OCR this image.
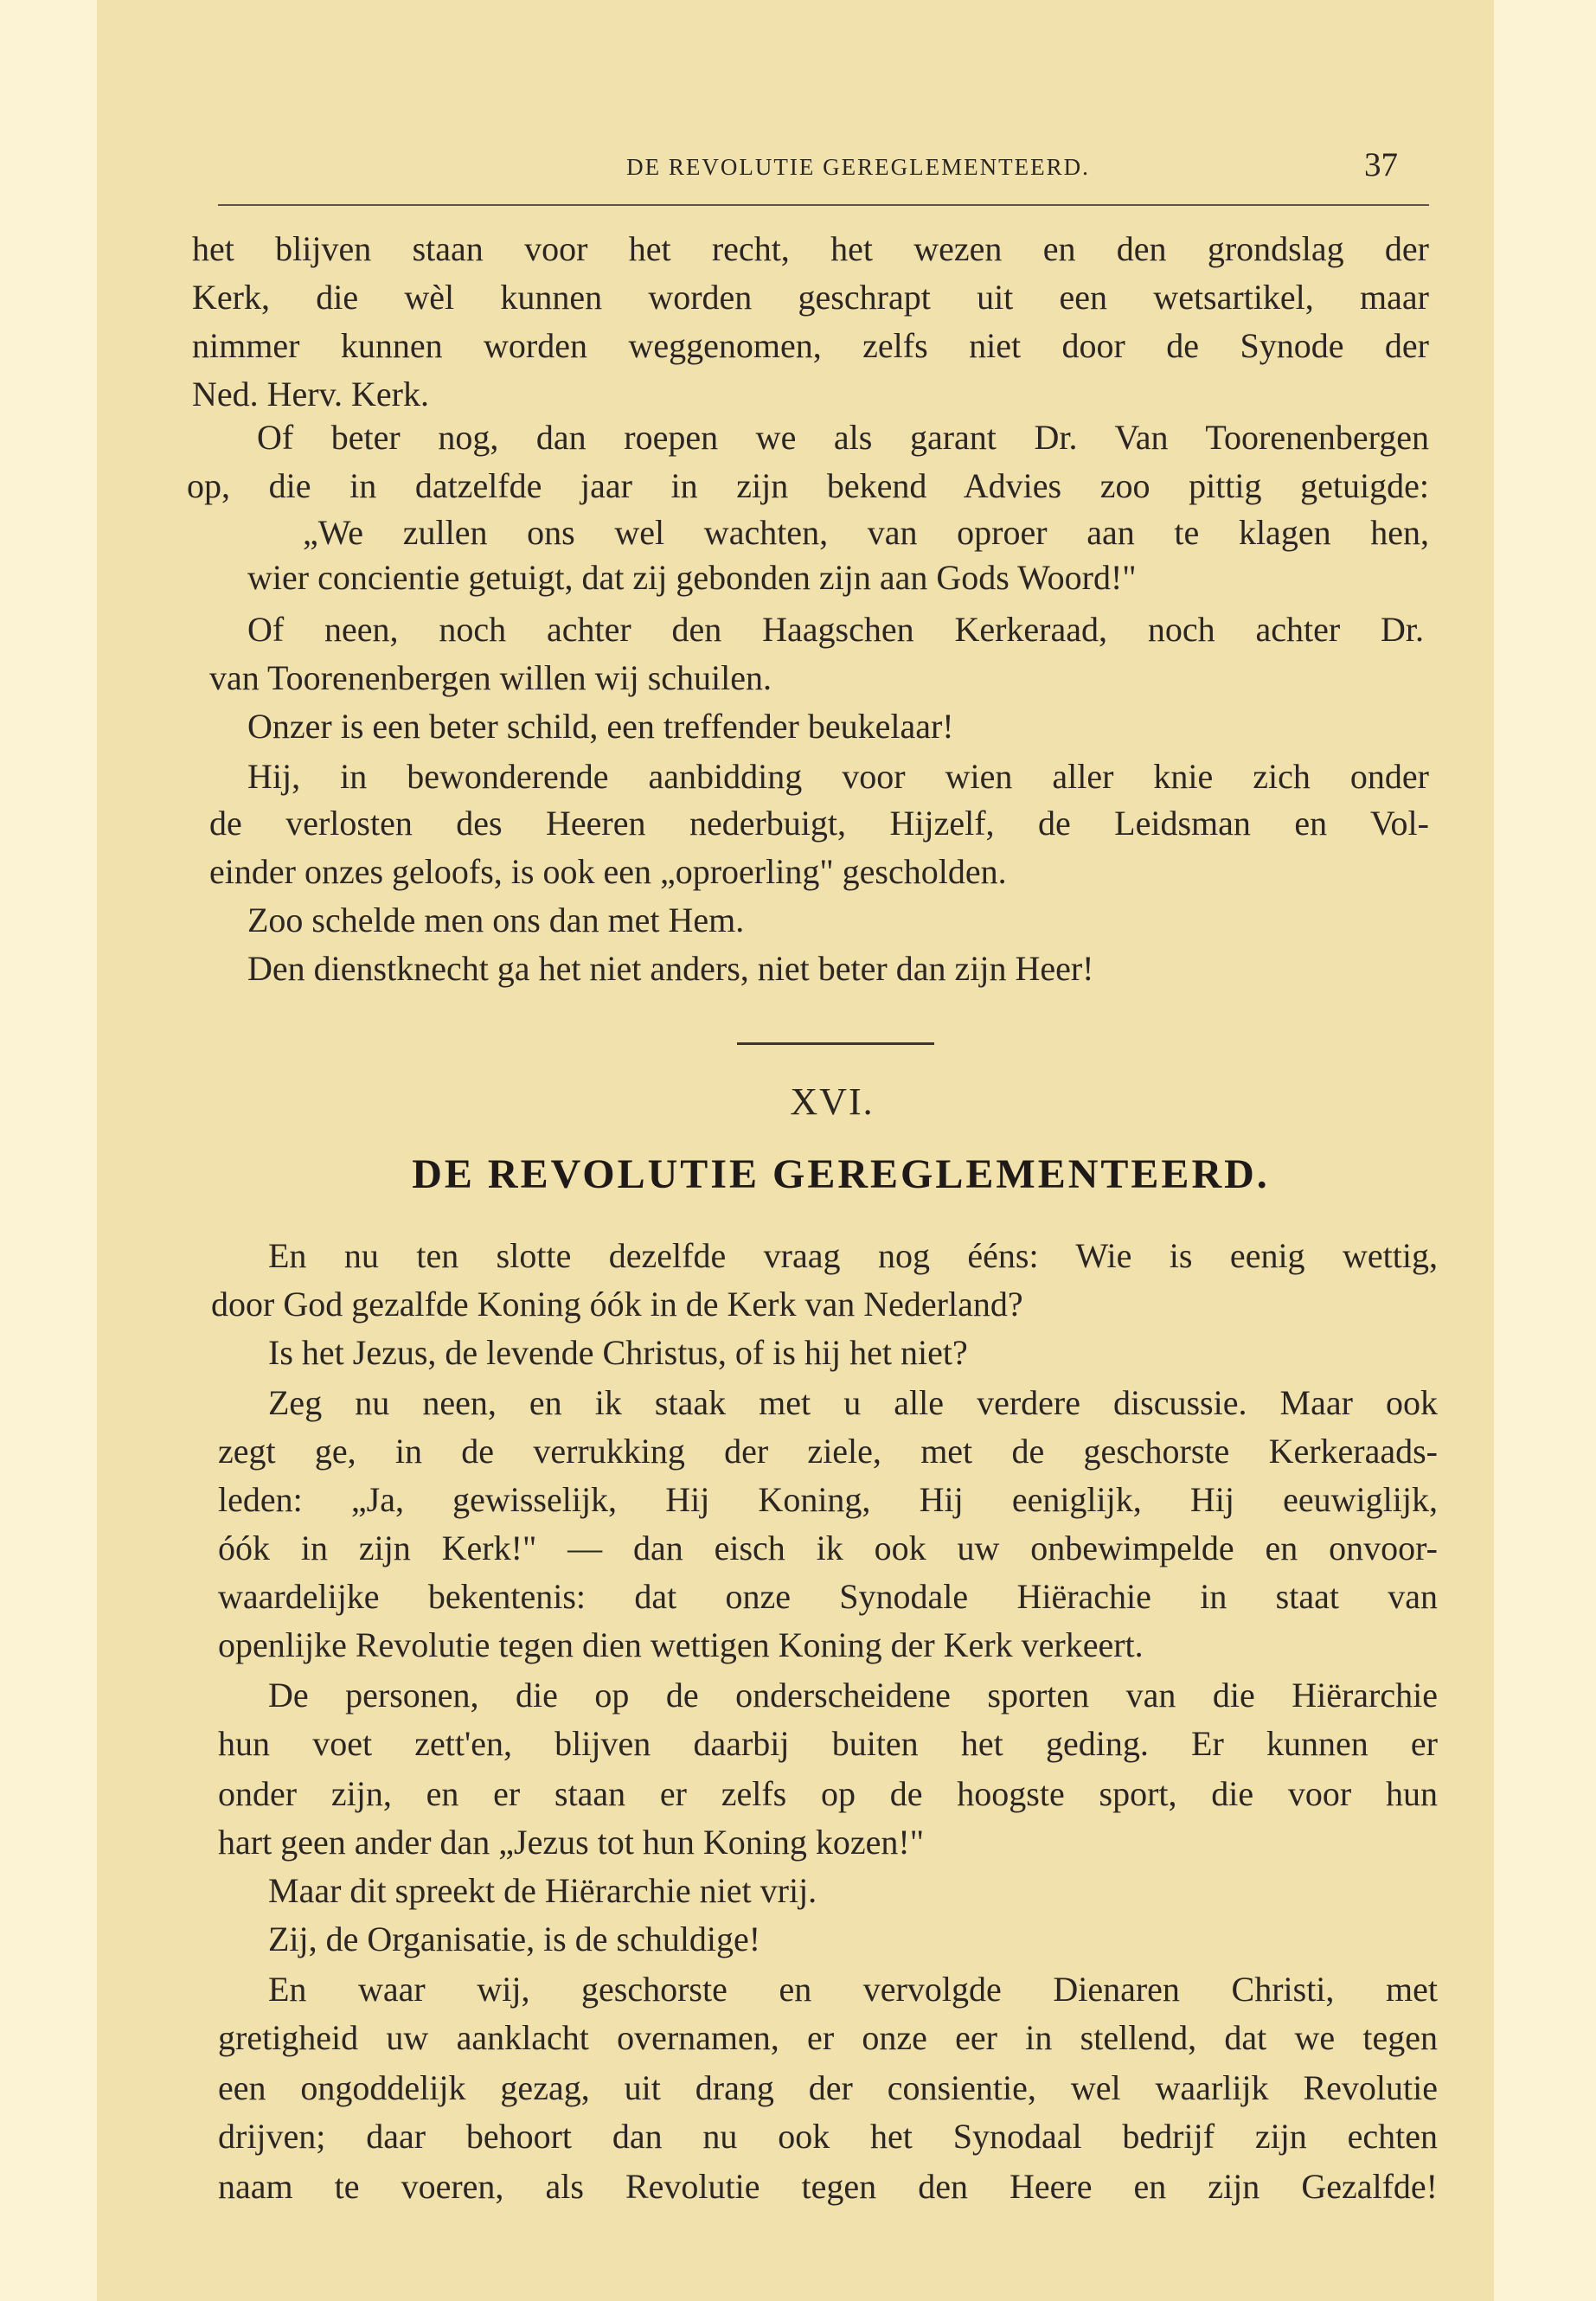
DE REVOLUTIE GEREGLEMENTEERD.	37
het blijven staan voor het recht, het wezen en den grondslag der
Kerk, die wèl kunnen worden geschrapt uit een wetsartikel, maar
nimmer kunnen worden weggenomen, zelfs niet door de Synode der
Ned. Herv. Kerk.
Of beter nog, dan roepen we als garant Dr. Van Toorenenbergen
op, die in datzelfde jaar in zijn bekend Advies zoo pittig getuigde:
„We zullen ons wel wachten, van oproer aan te klagen hen,
wier concientie getuigt, dat zij gebonden zijn aan Gods Woord!"
Of neen, noch achter den Haagschen Kerkeraad, noch achter Dr.
van Toorenenbergen willen wij schuilen.
Onzer is een beter schild, een treffender beukelaar!
Hij, in bewonderende aanbidding voor wien aller knie zich onder
de verlosten des Heeren nederbuigt, Hijzelf, de Leidsman en Vol-
einder onzes geloofs, is ook een „oproerling" gescholden.
Zoo schelde men ons dan met Hem.
Den dienstknecht ga het niet anders, niet beter dan zijn Heer!
XVI.
DE REVOLUTIE GEREGLEMENTEERD.
En nu ten slotte dezelfde vraag nog ééns: Wie is eenig wettig,
door God gezalfde Koning óók in de Kerk van Nederland?
Is het Jezus, de levende Christus, of is hij het niet?
Zeg nu neen, en ik staak met u alle verdere discussie. Maar ook
zegt ge, in de verrukking der ziele, met de geschorste Kerkeraads-
leden: „Ja, gewisselijk, Hij Koning, Hij eeniglijk, Hij eeuwiglijk,
óók in zijn Kerk!" — dan eisch ik ook uw onbewimpelde en onvoor-
waardelijke bekentenis: dat onze Synodale Hiërachie in staat van
openlijke Revolutie tegen dien wettigen Koning der Kerk verkeert.
De personen, die op de onderscheidene sporten van die Hiërarchie
hun voet zett'en, blijven daarbij buiten het geding. Er kunnen er
onder zijn, en er staan er zelfs op de hoogste sport, die voor hun
hart geen ander dan „Jezus tot hun Koning kozen!"
Maar dit spreekt de Hiërarchie niet vrij.
Zij, de Organisatie, is de schuldige!
En waar wij, geschorste en vervolgde Dienaren Christi, met
gretigheid uw aanklacht overnamen, er onze eer in stellend, dat we tegen
een ongoddelijk gezag, uit drang der consientie, wel waarlijk Revolutie
drijven; daar behoort dan nu ook het Synodaal bedrijf zijn echten
naam te voeren, als Revolutie tegen den Heere en zijn Gezalfde!
